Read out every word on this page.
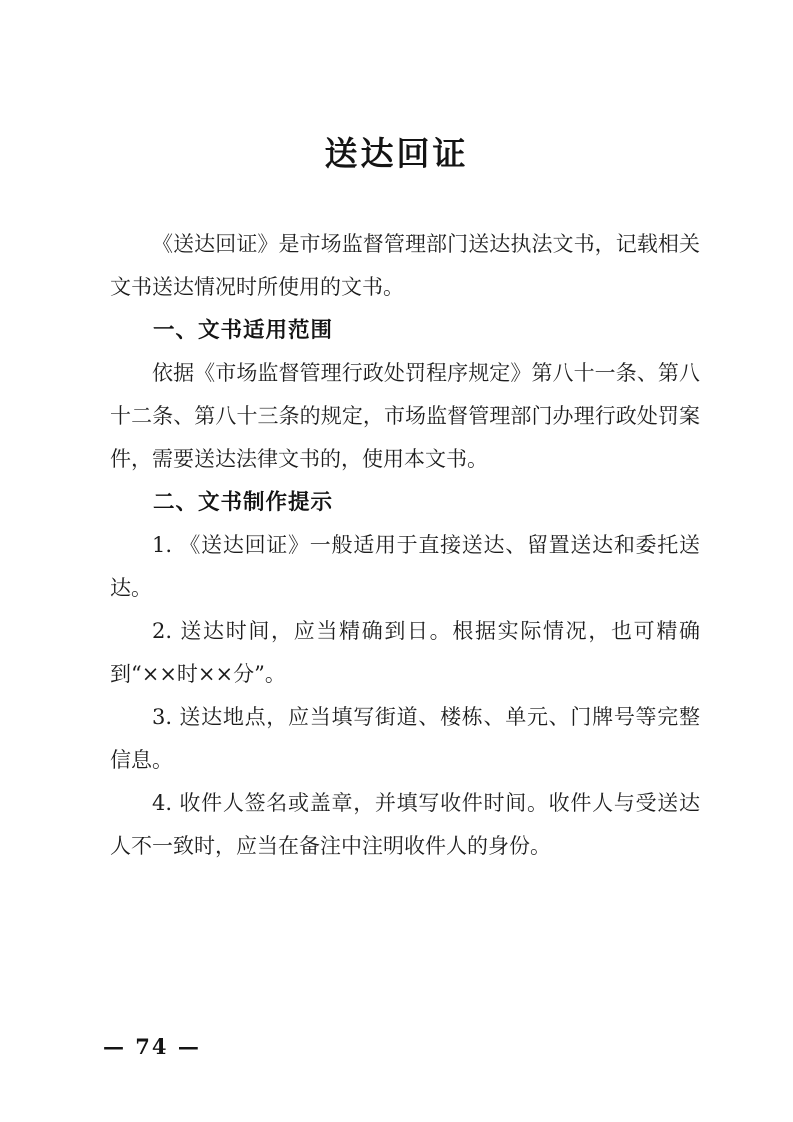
送达回证

《送达回证》是市场监督管理部门送达执法文书，记载相关文书送达情况时所使用的文书。

一、文书适用范围

依据《市场监督管理行政处罚程序规定》第八十一条、第八十二条、第八十三条的规定，市场监督管理部门办理行政处罚案件，需要送达法律文书的，使用本文书。

二、文书制作提示

1. 《送达回证》一般适用于直接送达、留置送达和委托送达。

2. 送达时间，应当精确到日。根据实际情况，也可精确到“××时××分”。

3. 送达地点，应当填写街道、楼栋、单元、门牌号等完整信息。

4. 收件人签名或盖章，并填写收件时间。收件人与受送达人不一致时，应当在备注中注明收件人的身份。

— 74 —
